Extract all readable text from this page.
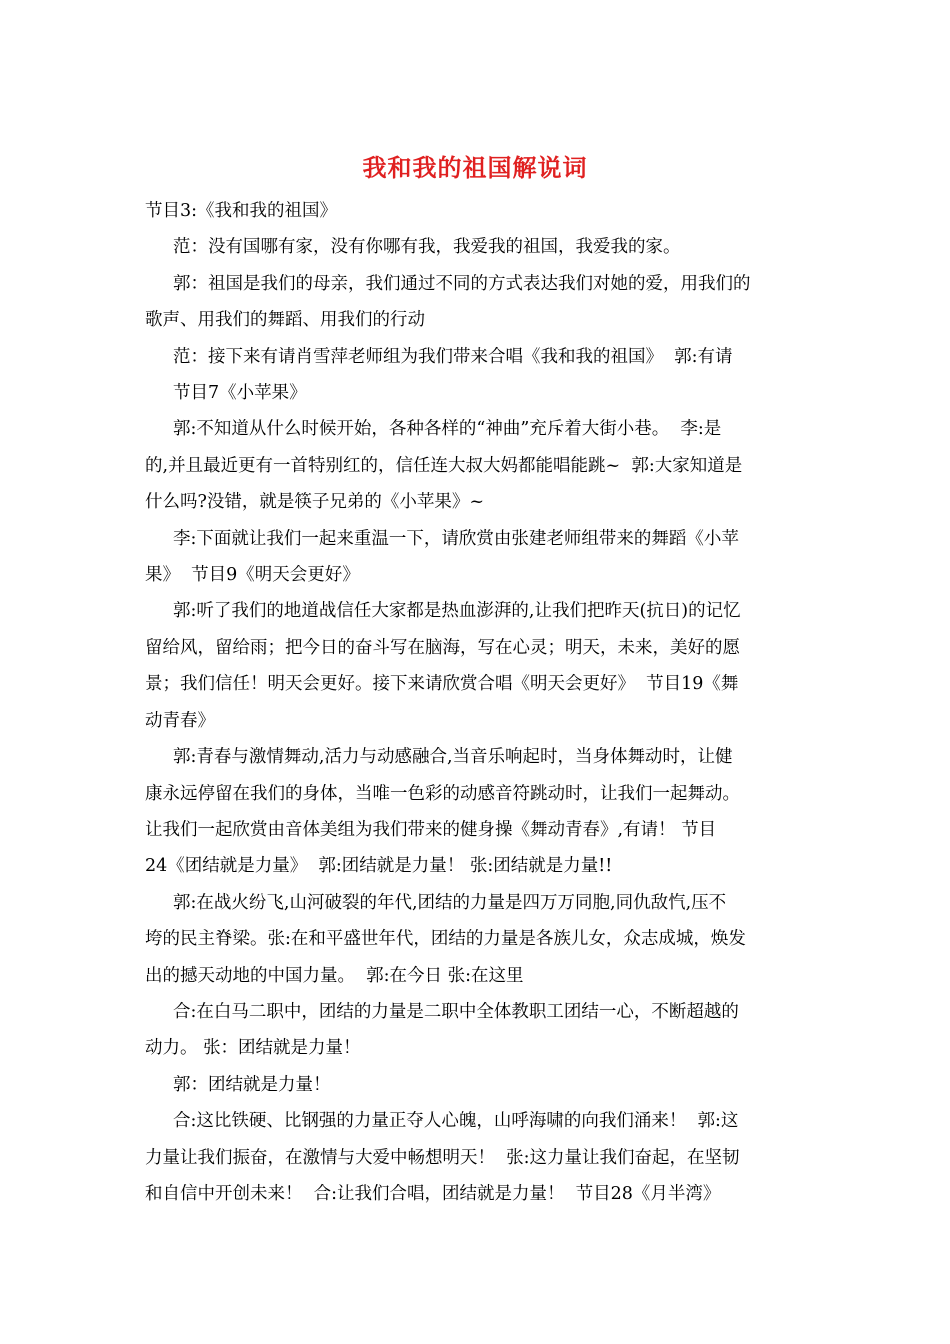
我和我的祖国解说词

节目3:《我和我的祖国》

范：没有国哪有家，没有你哪有我，我爱我的祖国，我爱我的家。

郭：祖国是我们的母亲，我们通过不同的方式表达我们对她的爱，用我们的

歌声、用我们的舞蹈、用我们的行动

范：接下来有请肖雪萍老师组为我们带来合唱《我和我的祖国》  郭:有请

节目7《小苹果》

郭:不知道从什么时候开始，各种各样的“神曲”充斥着大街小巷。  李:是

的,并且最近更有一首特别红的，信任连大叔大妈都能唱能跳~  郭:大家知道是

什么吗?没错，就是筷子兄弟的《小苹果》~

李:下面就让我们一起来重温一下，请欣赏由张建老师组带来的舞蹈《小苹

果》  节目9《明天会更好》

郭:听了我们的地道战信任大家都是热血澎湃的,让我们把昨天(抗日)的记忆

留给风，留给雨；把今日的奋斗写在脑海，写在心灵；明天，未来，美好的愿

景；我们信任！明天会更好。接下来请欣赏合唱《明天会更好》  节目19《舞

动青春》

郭:青春与激情舞动,活力与动感融合,当音乐响起时，当身体舞动时，让健

康永远停留在我们的身体，当唯一色彩的动感音符跳动时，让我们一起舞动。

让我们一起欣赏由音体美组为我们带来的健身操《舞动青春》,有请！ 节目

24《团结就是力量》  郭:团结就是力量！ 张:团结就是力量!!

郭:在战火纷飞,山河破裂的年代,团结的力量是四万万同胞,同仇敌忾,压不

垮的民主脊梁。张:在和平盛世年代，团结的力量是各族儿女，众志成城，焕发

出的撼天动地的中国力量。  郭:在今日 张:在这里

合:在白马二职中，团结的力量是二职中全体教职工团结一心，不断超越的

动力。 张：团结就是力量！

郭：团结就是力量！

合:这比铁硬、比钢强的力量正夺人心魄，山呼海啸的向我们涌来！  郭:这

力量让我们振奋，在激情与大爱中畅想明天！  张:这力量让我们奋起，在坚韧

和自信中开创未来！  合:让我们合唱，团结就是力量！  节目28《月半湾》
